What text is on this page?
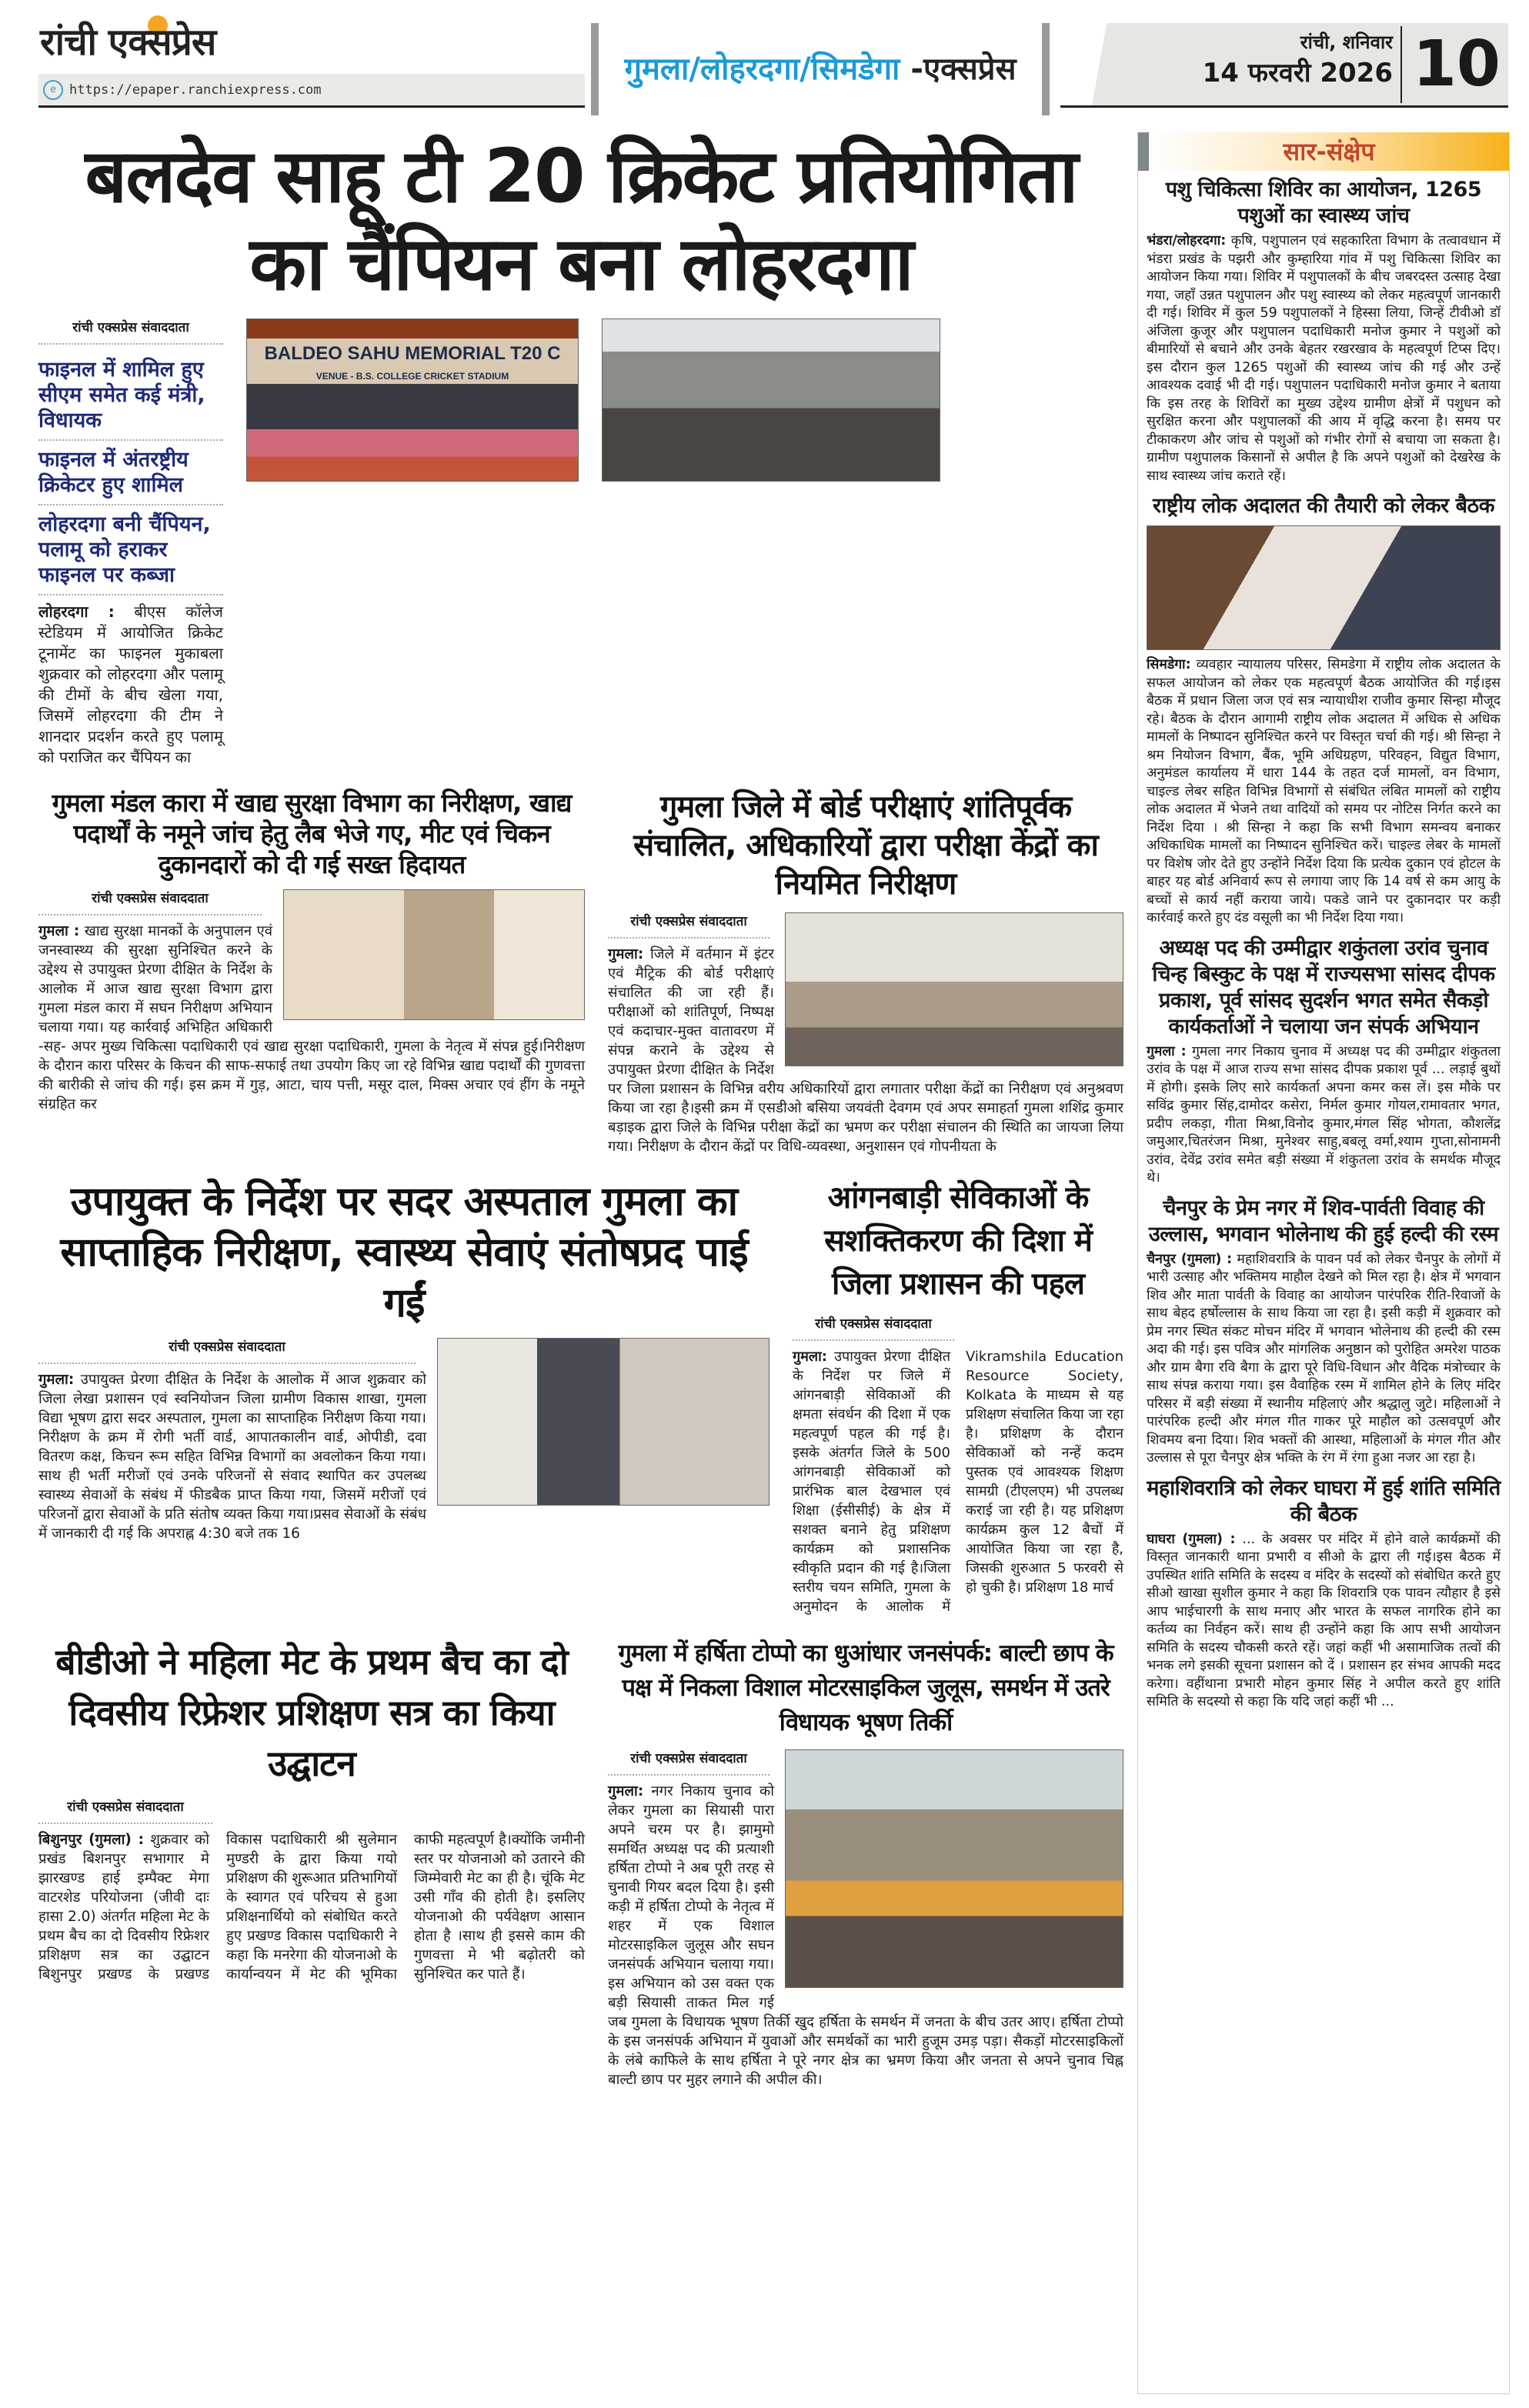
रांची एक्सप्रेस
e	https://epaper.ranchiexpress.com
गुमला/लोहरदगा/सिमडेगा -एक्सप्रेस
रांची, शनिवार
14 फरवरी 2026 10
बलदेव साहू टी 20 क्रिकेट प्रतियोगिता
का चैंपियन बना लोहरदगा
रांची एक्सप्रेस संवाददाता
फाइनल में शामिल हुए सीएम समेत कई मंत्री, विधायक
फाइनल में अंतरष्ट्रीय क्रिकेटर हुए शामिल
लोहरदगा बनी चैंपियन, पलामू को हराकर फाइनल पर कब्जा
लोहरदगा : बीएस कॉलेज स्टेडियम में आयोजित क्रिकेट टूनामेंट का फाइनल मुकाबला शुक्रवार को लोहरदगा और पलामू की टीमों के बीच खेला गया, जिसमें लोहरदगा की टीम ने शानदार प्रदर्शन करते हुए पलामू को पराजित कर चैंपियन का
BALDEO SAHU MEMORIAL T20 C
VENUE - B.S. COLLEGE CRICKET STADIUM
गुमला मंडल कारा में खाद्य सुरक्षा विभाग का निरीक्षण, खाद्य पदार्थों के नमूने जांच हेतु लैब भेजे गए, मीट एवं चिकन दुकानदारों को दी गई सख्त हिदायत
रांची एक्सप्रेस संवाददाता
गुमला : खाद्य सुरक्षा मानकों के अनुपालन एवं जनस्वास्थ्य की सुरक्षा सुनिश्चित करने के उद्देश्य से उपायुक्त प्रेरणा दीक्षित के निर्देश के आलोक में आज खाद्य सुरक्षा विभाग द्वारा गुमला मंडल कारा में सघन निरीक्षण अभियान चलाया गया। यह कार्रवाई अभिहित अधिकारी -सह- अपर मुख्य चिकित्सा पदाधिकारी एवं खाद्य सुरक्षा पदाधिकारी, गुमला के नेतृत्व में संपन्न हुई।निरीक्षण के दौरान कारा परिसर के किचन की साफ-सफाई तथा उपयोग किए जा रहे विभिन्न खाद्य पदार्थों की गुणवत्ता की बारीकी से जांच की गई। इस क्रम में गुड़, आटा, चाय पत्ती, मसूर दाल, मिक्स अचार एवं हींग के नमूने संग्रहित कर
गुमला जिले में बोर्ड परीक्षाएं शांतिपूर्वक संचालित, अधिकारियों द्वारा परीक्षा केंद्रों का नियमित निरीक्षण
रांची एक्सप्रेस संवाददाता
गुमला: जिले में वर्तमान में इंटर एवं मैट्रिक की बोर्ड परीक्षाएं संचालित की जा रही हैं। परीक्षाओं को शांतिपूर्ण, निष्पक्ष एवं कदाचार-मुक्त वातावरण में संपन्न कराने के उद्देश्य से उपायुक्त प्रेरणा दीक्षित के निर्देश पर जिला प्रशासन के विभिन्न वरीय अधिकारियों द्वारा लगातार परीक्षा केंद्रों का निरीक्षण एवं अनुश्रवण किया जा रहा है।इसी क्रम में एसडीओ बसिया जयवंती देवगम एवं अपर समाहर्ता गुमला शशिंद्र कुमार बड़ाइक द्वारा जिले के विभिन्न परीक्षा केंद्रों का भ्रमण कर परीक्षा संचालन की स्थिति का जायजा लिया गया। निरीक्षण के दौरान केंद्रों पर विधि-व्यवस्था, अनुशासन एवं गोपनीयता के
उपायुक्त के निर्देश पर सदर अस्पताल गुमला का साप्ताहिक निरीक्षण, स्वास्थ्य सेवाएं संतोषप्रद पाई गईं
रांची एक्सप्रेस संवाददाता
गुमला: उपायुक्त प्रेरणा दीक्षित के निर्देश के आलोक में आज शुक्रवार को जिला लेखा प्रशासन एवं स्वनियोजन जिला ग्रामीण विकास शाखा, गुमला विद्या भूषण द्वारा सदर अस्पताल, गुमला का साप्ताहिक निरीक्षण किया गया।निरीक्षण के क्रम में रोगी भर्ती वार्ड, आपातकालीन वार्ड, ओपीडी, दवा वितरण कक्ष, किचन रूम सहित विभिन्न विभागों का अवलोकन किया गया। साथ ही भर्ती मरीजों एवं उनके परिजनों से संवाद स्थापित कर उपलब्ध स्वास्थ्य सेवाओं के संबंध में फीडबैक प्राप्त किया गया, जिसमें मरीजों एवं परिजनों द्वारा सेवाओं के प्रति संतोष व्यक्त किया गया।प्रसव सेवाओं के संबंध में जानकारी दी गई कि अपराह्न 4:30 बजे तक 16
आंगनबाड़ी सेविकाओं के सशक्तिकरण की दिशा में जिला प्रशासन की पहल
रांची एक्सप्रेस संवाददाता
गुमला: उपायुक्त प्रेरणा दीक्षित के निर्देश पर जिले में आंगनबाड़ी सेविकाओं की क्षमता संवर्धन की दिशा में एक महत्वपूर्ण पहल की गई है। इसके अंतर्गत जिले के 500 आंगनबाड़ी सेविकाओं को प्रारंभिक बाल देखभाल एवं शिक्षा (ईसीसीई) के क्षेत्र में सशक्त बनाने हेतु प्रशिक्षण कार्यक्रम को प्रशासनिक स्वीकृति प्रदान की गई है।जिला स्तरीय चयन समिति, गुमला के अनुमोदन के आलोक में Vikramshila Education Resource Society, Kolkata के माध्यम से यह प्रशिक्षण संचालित किया जा रहा है। प्रशिक्षण के दौरान सेविकाओं को नन्हें कदम पुस्तक एवं आवश्यक शिक्षण सामग्री (टीएलएम) भी उपलब्ध कराई जा रही है। यह प्रशिक्षण कार्यक्रम कुल 12 बैचों में आयोजित किया जा रहा है, जिसकी शुरुआत 5 फरवरी से हो चुकी है। प्रशिक्षण 18 मार्च
बीडीओ ने महिला मेट के प्रथम बैच का दो दिवसीय रिफ्रेशर प्रशिक्षण सत्र का किया उद्घाटन
रांची एक्सप्रेस संवाददाता
बिशुनपुर (गुमला) : शुक्रवार को प्रखंड बिशनपुर सभागार मे झारखण्ड हाई इम्पैक्ट मेगा वाटरशेड परियोजना (जीवी दाः हासा 2.0) अंतर्गत महिला मेट के प्रथम बैच का दो दिवसीय रिफ्रेशर प्रशिक्षण सत्र का उद्घाटन बिशुनपुर प्रखण्ड के प्रखण्ड विकास पदाधिकारी श्री सुलेमान मुण्डरी के द्वारा किया गयो प्रशिक्षण की शुरूआत प्रतिभागियों के स्वागत एवं परिचय से हुआ प्रशिक्षनार्थियो को संबोधित करते हुए प्रखण्ड विकास पदाधिकारी ने कहा कि मनरेगा की योजनाओ के कार्यान्वयन में मेट की भूमिका काफी महत्वपूर्ण है।क्योंकि जमीनी स्तर पर योजनाओ को उतारने की जिम्मेवारी मेट का ही है। चूंकि मेट उसी गाँव की होती है। इसलिए योजनाओ की पर्यवेक्षण आसान होता है ।साथ ही इससे काम की गुणवत्ता मे भी बढ़ोतरी को सुनिश्चित कर पाते हैं।
गुमला में हर्षिता टोप्पो का धुआंधार जनसंपर्क: बाल्टी छाप के पक्ष में निकला विशाल मोटरसाइकिल जुलूस, समर्थन में उतरे विधायक भूषण तिर्की
रांची एक्सप्रेस संवाददाता
गुमला: नगर निकाय चुनाव को लेकर गुमला का सियासी पारा अपने चरम पर है। झामुमो समर्थित अध्यक्ष पद की प्रत्याशी हर्षिता टोप्पो ने अब पूरी तरह से चुनावी गियर बदल दिया है। इसी कड़ी में हर्षिता टोप्पो के नेतृत्व में शहर में एक विशाल मोटरसाइकिल जुलूस और सघन जनसंपर्क अभियान चलाया गया। इस अभियान को उस वक्त एक बड़ी सियासी ताकत मिल गई जब गुमला के विधायक भूषण तिर्की खुद हर्षिता के समर्थन में जनता के बीच उतर आए। हर्षिता टोप्पो के इस जनसंपर्क अभियान में युवाओं और समर्थकों का भारी हुजूम उमड़ पड़ा। सैकड़ों मोटरसाइकिलों के लंबे काफिले के साथ हर्षिता ने पूरे नगर क्षेत्र का भ्रमण किया और जनता से अपने चुनाव चिह्न बाल्टी छाप पर मुहर लगाने की अपील की।
सार-संक्षेप
पशु चिकित्सा शिविर का आयोजन, 1265 पशुओं का स्वास्थ्य जांच
भंडरा/लोहरदगा: कृषि, पशुपालन एवं सहकारिता विभाग के तत्वावधान में भंडरा प्रखंड के पझरी और कुम्हारिया गांव में पशु चिकित्सा शिविर का आयोजन किया गया। शिविर में पशुपालकों के बीच जबरदस्त उत्साह देखा गया, जहाँ उन्नत पशुपालन और पशु स्वास्थ्य को लेकर महत्वपूर्ण जानकारी दी गई। शिविर में कुल 59 पशुपालकों ने हिस्सा लिया, जिन्हें टीवीओ डॉ अंजिला कुजूर और पशुपालन पदाधिकारी मनोज कुमार ने पशुओं को बीमारियों से बचाने और उनके बेहतर रखरखाव के महत्वपूर्ण टिप्स दिए। इस दौरान कुल 1265 पशुओं की स्वास्थ्य जांच की गई और उन्हें आवश्यक दवाई भी दी गई। पशुपालन पदाधिकारी मनोज कुमार ने बताया कि इस तरह के शिविरों का मुख्य उद्देश्य ग्रामीण क्षेत्रों में पशुधन को सुरक्षित करना और पशुपालकों की आय में वृद्धि करना है। समय पर टीकाकरण और जांच से पशुओं को गंभीर रोगों से बचाया जा सकता है। ग्रामीण पशुपालक किसानों से अपील है कि अपने पशुओं को देखरेख के साथ स्वास्थ्य जांच कराते रहें।
राष्ट्रीय लोक अदालत की तैयारी को लेकर बैठक
सिमडेगा: व्यवहार न्यायालय परिसर, सिमडेगा में राष्ट्रीय लोक अदालत के सफल आयोजन को लेकर एक महत्वपूर्ण बैठक आयोजित की गई।इस बैठक में प्रधान जिला जज एवं सत्र न्यायाधीश राजीव कुमार सिन्हा मौजूद रहे। बैठक के दौरान आगामी राष्ट्रीय लोक अदालत में अधिक से अधिक मामलों के निष्पादन सुनिश्चित करने पर विस्तृत चर्चा की गई। श्री सिन्हा ने श्रम नियोजन विभाग, बैंक, भूमि अधिग्रहण, परिवहन, विद्युत विभाग, अनुमंडल कार्यालय में धारा 144 के तहत दर्ज मामलों, वन विभाग, चाइल्ड लेबर सहित विभिन्न विभागों से संबंधित लंबित मामलों को राष्ट्रीय लोक अदालत में भेजने तथा वादियों को समय पर नोटिस निर्गत करने का निर्देश दिया । श्री सिन्हा ने कहा कि सभी विभाग समन्वय बनाकर अधिकाधिक मामलों का निष्पादन सुनिश्चित करें। चाइल्ड लेबर के मामलों पर विशेष जोर देते हुए उन्होंने निर्देश दिया कि प्रत्येक दुकान एवं होटल के बाहर यह बोर्ड अनिवार्य रूप से लगाया जाए कि 14 वर्ष से कम आयु के बच्चों से कार्य नहीं कराया जाये। पकडे जाने पर दुकानदार पर कड़ी कार्रवाई करते हुए दंड वसूली का भी निर्देश दिया गया।
अध्यक्ष पद की उम्मीद्वार शकुंतला उरांव चुनाव चिन्ह बिस्कुट के पक्ष में राज्यसभा सांसद दीपक प्रकाश, पूर्व सांसद सुदर्शन भगत समेत सैकड़ो कार्यकर्ताओं ने चलाया जन संपर्क अभियान
गुमला : गुमला नगर निकाय चुनाव में अध्यक्ष पद की उम्मीद्वार शंकुतला उरांव के पक्ष में आज राज्य सभा सांसद दीपक प्रकाश पूर्व ... लड़ाई बुथों में होगी। इसके लिए सारे कार्यकर्ता अपना कमर कस लें। इस मौके पर सविंद्र कुमार सिंह,दामोदर कसेरा, निर्मल कुमार गोयल,रामावतार भगत, प्रदीप लकड़ा, गीता मिश्रा,विनोद कुमार,मंगल सिंह भोगता, कौशलेंद्र जमुआर,चितरंजन मिश्रा, मुनेश्वर साहु,बबलू वर्मा,श्याम गुप्ता,सोनामनी उरांव, देवेंद्र उरांव समेत बड़ी संख्या में शंकुतला उरांव के समर्थक मौजूद थे।
चैनपुर के प्रेम नगर में शिव-पार्वती विवाह की उल्लास, भगवान भोलेनाथ की हुई हल्दी की रस्म
चैनपुर (गुमला) : महाशिवरात्रि के पावन पर्व को लेकर चैनपुर के लोगों में भारी उत्साह और भक्तिमय माहौल देखने को मिल रहा है। क्षेत्र में भगवान शिव और माता पार्वती के विवाह का आयोजन पारंपरिक रीति-रिवाजों के साथ बेहद हर्षोल्लास के साथ किया जा रहा है। इसी कड़ी में शुक्रवार को प्रेम नगर स्थित संकट मोचन मंदिर में भगवान भोलेनाथ की हल्दी की रस्म अदा की गई। इस पवित्र और मांगलिक अनुष्ठान को पुरोहित अमरेश पाठक और ग्राम बैगा रवि बैगा के द्वारा पूरे विधि-विधान और वैदिक मंत्रोच्चार के साथ संपन्न कराया गया। इस वैवाहिक रस्म में शामिल होने के लिए मंदिर परिसर में बड़ी संख्या में स्थानीय महिलाएं और श्रद्धालु जुटे। महिलाओं ने पारंपरिक हल्दी और मंगल गीत गाकर पूरे माहौल को उत्सवपूर्ण और शिवमय बना दिया। शिव भक्तों की आस्था, महिलाओं के मंगल गीत और उल्लास से पूरा चैनपुर क्षेत्र भक्ति के रंग में रंगा हुआ नजर आ रहा है।
महाशिवरात्रि को लेकर घाघरा में हुई शांति समिति की बैठक
घाघरा (गुमला) : ... के अवसर पर मंदिर में होने वाले कार्यक्रमों की विस्तृत जानकारी थाना प्रभारी व सीओ के द्वारा ली गई।इस बैठक में उपस्थित शांति समिति के सदस्य व मंदिर के सदस्यों को संबोधित करते हुए सीओ खाखा सुशील कुमार ने कहा कि शिवरात्रि एक पावन त्यौहार है इसे आप भाईचारगी के साथ मनाए और भारत के सफल नागरिक होने का कर्तव्य का निर्वहन करें। साथ ही उन्होंने कहा कि आप सभी आयोजन समिति के सदस्य चौकसी करते रहें। जहां कहीं भी असामाजिक तत्वों की भनक लगे इसकी सूचना प्रशासन को दें । प्रशासन हर संभव आपकी मदद करेगा। वहींथाना प्रभारी मोहन कुमार सिंह ने अपील करते हुए शांति समिति के सदस्यो से कहा कि यदि जहां कहीं भी ...
